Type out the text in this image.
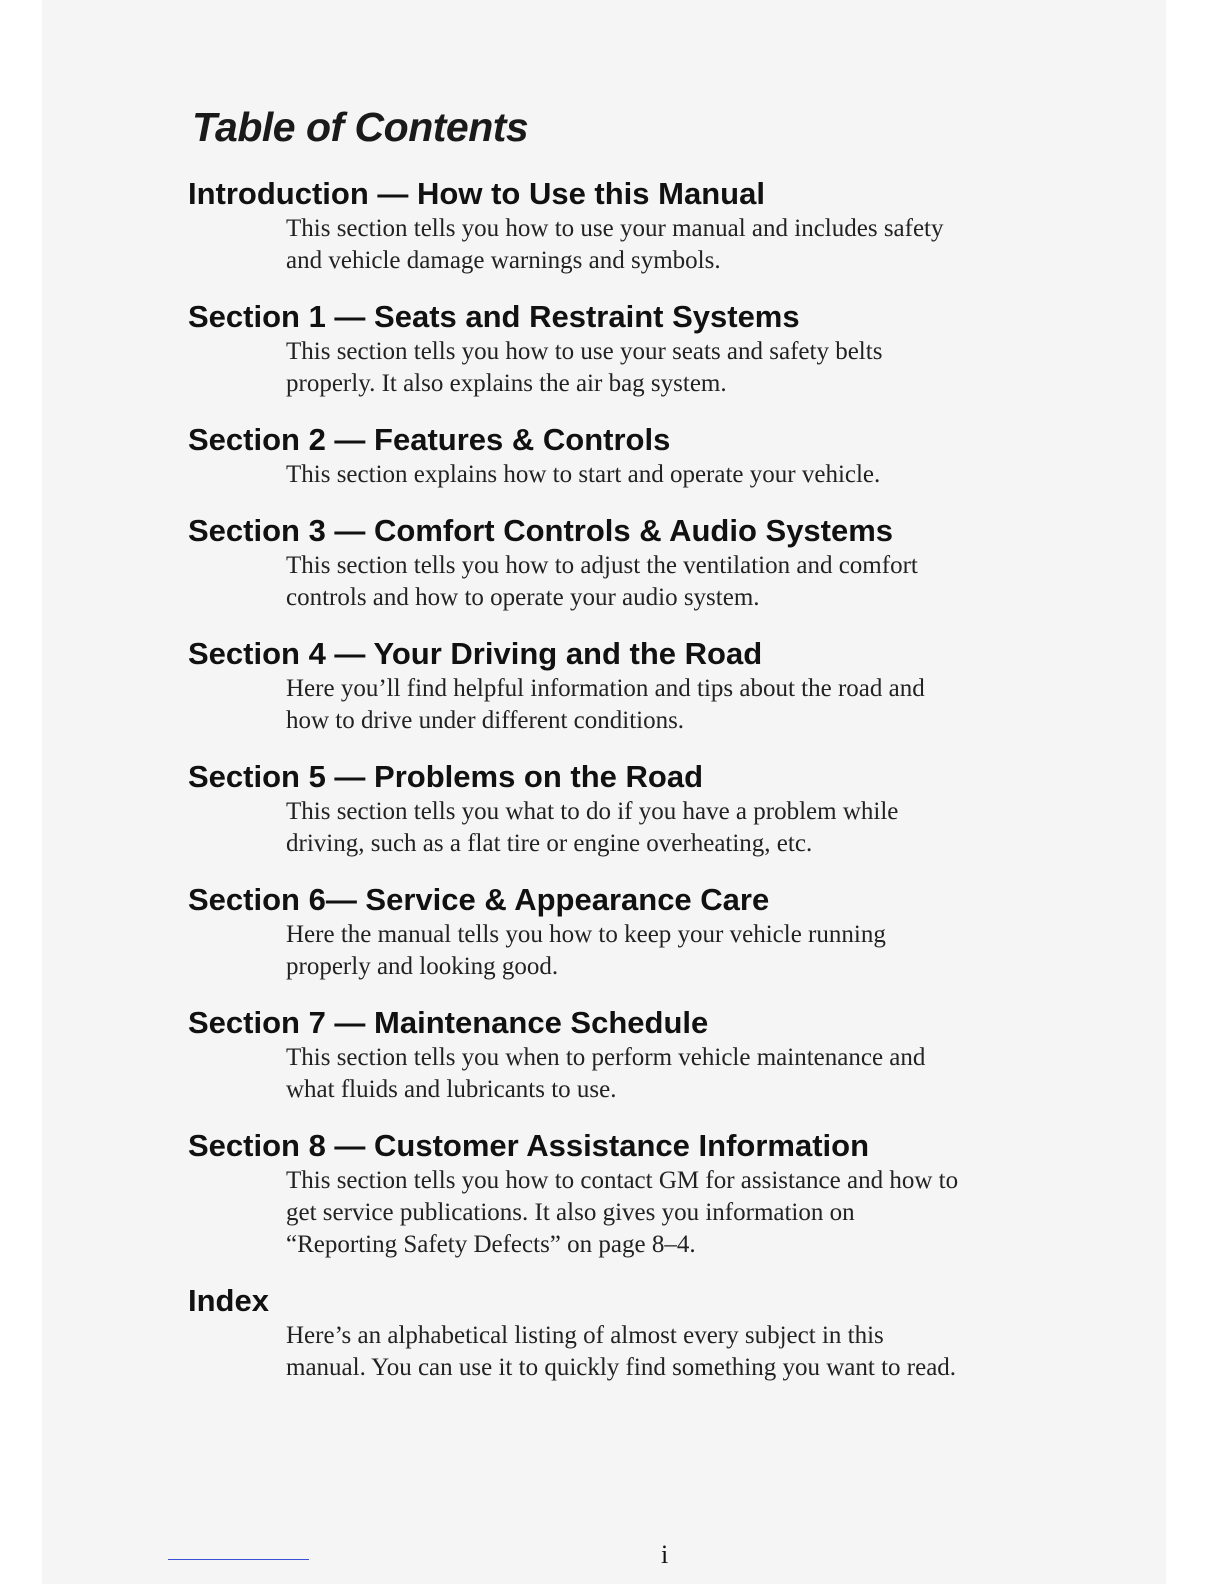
Table of Contents
Introduction — How to Use this Manual

This section tells you how to use your manual and includes safety
and vehicle damage warnings and symbols.

Section 1 — Seats and Restraint Systems

This section tells you how to use your seats and safety belts
properly. It also explains the air bag system.

Section 2 — Features & Controls

This section explains how to start and operate your vehicle.

Section 3 — Comfort Controls & Audio Systems

This section tells you how to adjust the ventilation and comfort
controls and how to operate your audio system.

Section 4 — Your Driving and the Road

Here you’ll find helpful information and tips about the road and
how to drive under different conditions.

Section 5 — Problems on the Road

This section tells you what to do if you have a problem while
driving, such as a flat tire or engine overheating, etc.

Section 6— Service & Appearance Care

Here the manual tells you how to keep your vehicle running
properly and looking good.

Section 7 — Maintenance Schedule

This section tells you when to perform vehicle maintenance and
what fluids and lubricants to use.

Section 8 — Customer Assistance Information

This section tells you how to contact GM for assistance and how to
get service publications. It also gives you information on
“Reporting Safety Defects” on page 8–4.

Index

Here’s an alphabetical listing of almost every subject in this
manual. You can use it to quickly find something you want to read.

i
